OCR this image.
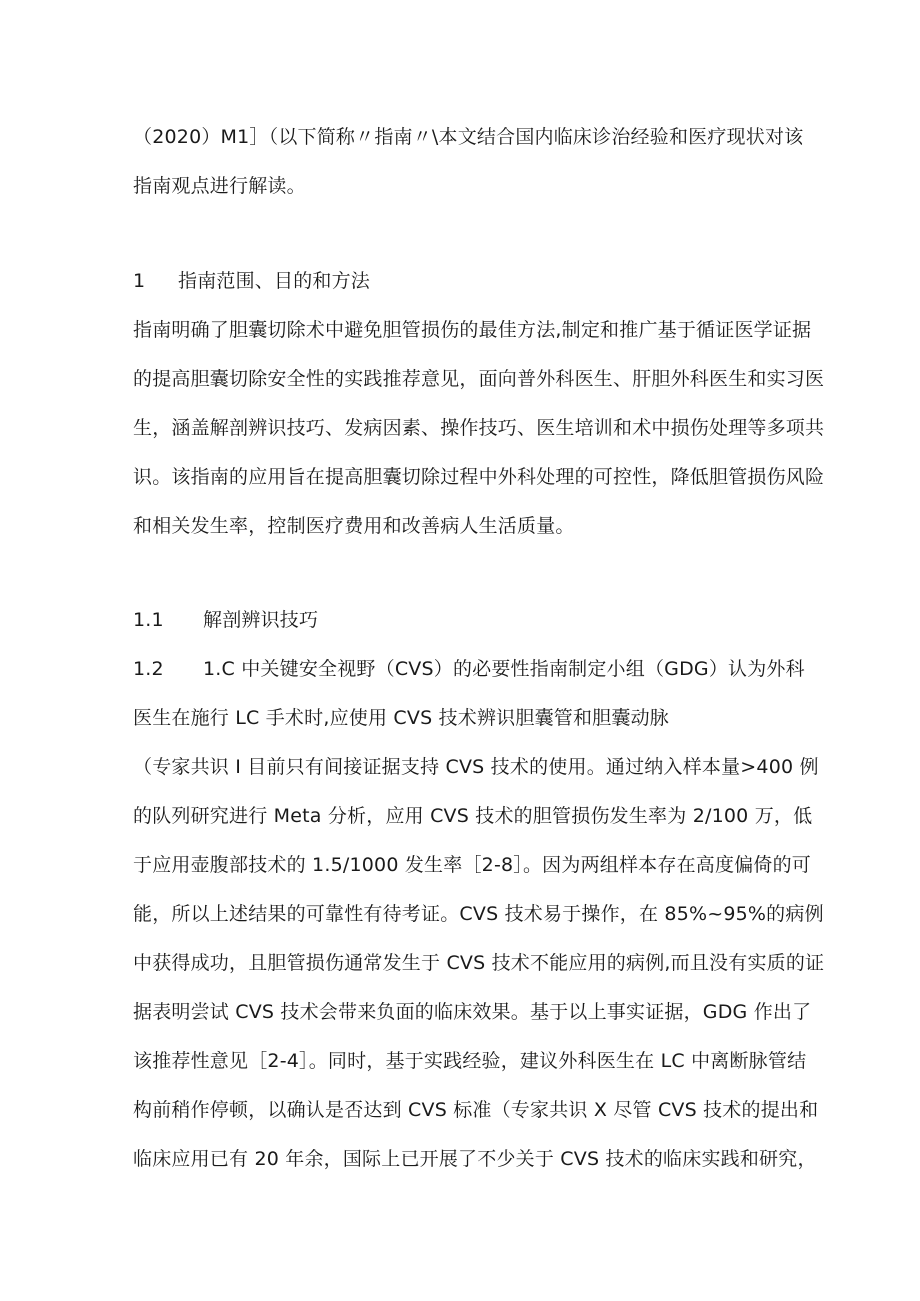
（2020）M1］（以下简称〃指南〃\本文结合国内临床诊治经验和医疗现状对该
指南观点进行解读。
1 指南范围、目的和方法
指南明确了胆囊切除术中避免胆管损伤的最佳方法,制定和推广基于循证医学证据
的提高胆囊切除安全性的实践推荐意见，面向普外科医生、肝胆外科医生和实习医
生，涵盖解剖辨识技巧、发病因素、操作技巧、医生培训和术中损伤处理等多项共
识。该指南的应用旨在提高胆囊切除过程中外科处理的可控性，降低胆管损伤风险
和相关发生率，控制医疗费用和改善病人生活质量。
1.1 解剖辨识技巧
1.2 1.C 中关键安全视野（CVS）的必要性指南制定小组（GDG）认为外科
医生在施行 LC 手术时,应使用 CVS 技术辨识胆囊管和胆囊动脉
（专家共识 I 目前只有间接证据支持 CVS 技术的使用。通过纳入样本量>400 例
的队列研究进行 Meta 分析，应用 CVS 技术的胆管损伤发生率为 2/100 万，低
于应用壶腹部技术的 1.5/1000 发生率［2-8］。因为两组样本存在高度偏倚的可
能，所以上述结果的可靠性有待考证。CVS 技术易于操作，在 85%~95%的病例
中获得成功，且胆管损伤通常发生于 CVS 技术不能应用的病例,而且没有实质的证
据表明尝试 CVS 技术会带来负面的临床效果。基于以上事实证据，GDG 作出了
该推荐性意见［2-4］。同时，基于实践经验，建议外科医生在 LC 中离断脉管结
构前稍作停顿，以确认是否达到 CVS 标准（专家共识 X 尽管 CVS 技术的提出和
临床应用已有 20 年余，国际上已开展了不少关于 CVS 技术的临床实践和研究，
